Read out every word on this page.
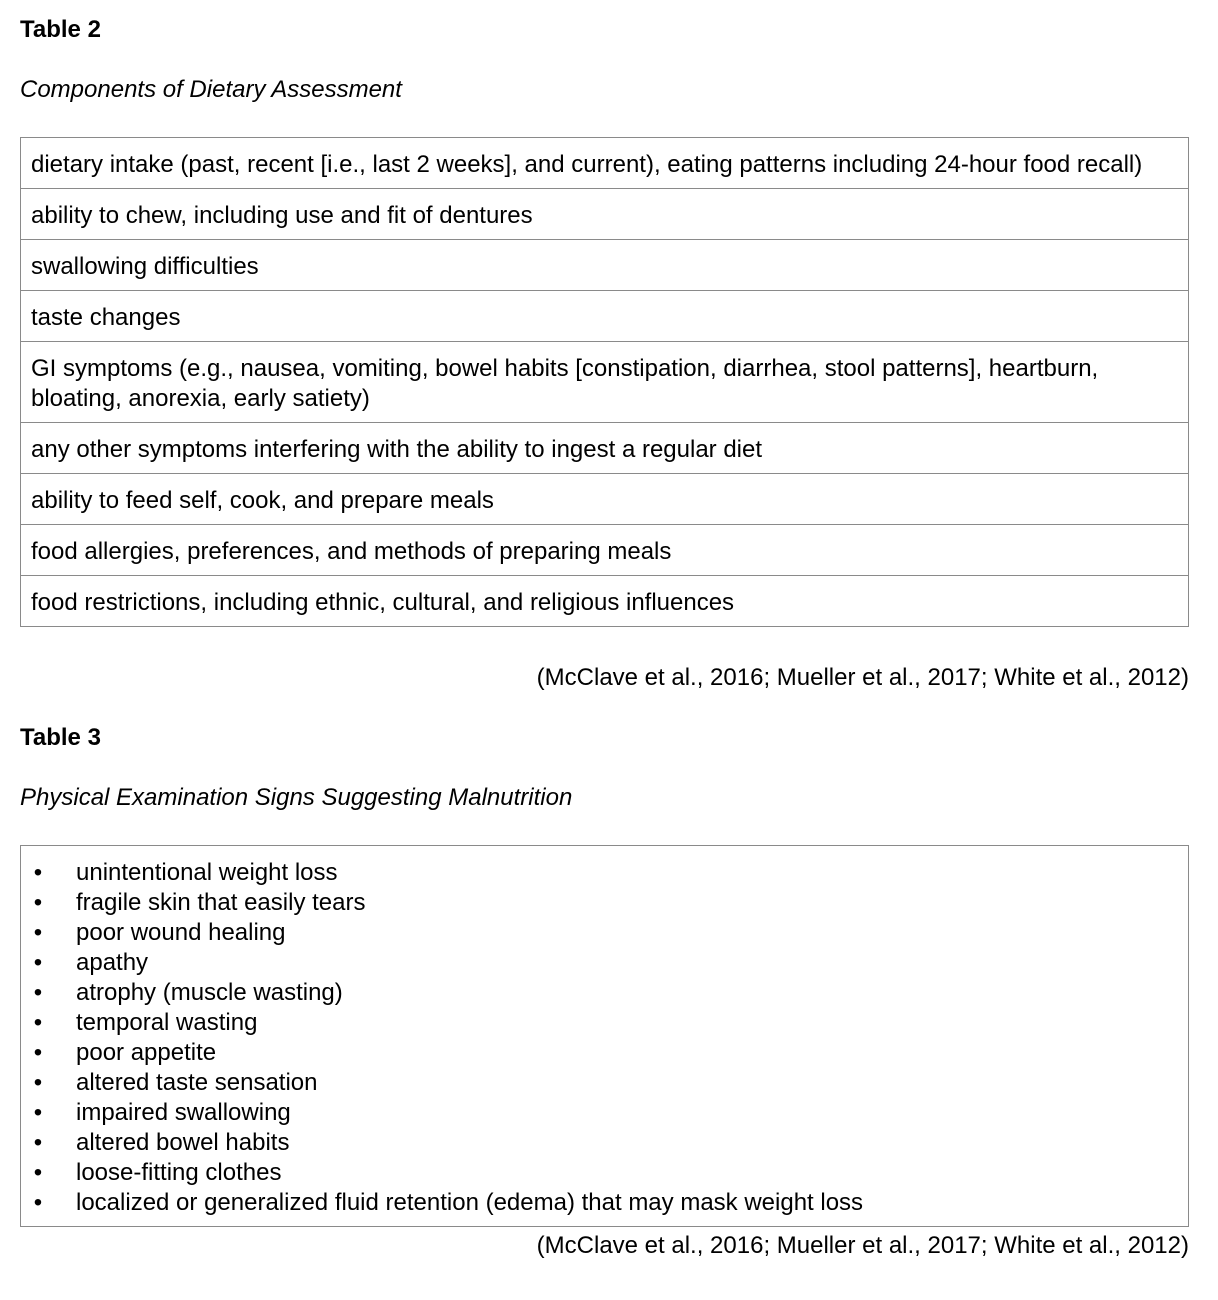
Table 2

Components of Dietary Assessment

dietary intake (past, recent [i.e., last 2 weeks], and current), eating patterns including 24-hour food recall)
ability to chew, including use and fit of dentures
swallowing difficulties
taste changes
GI symptoms (e.g., nausea, vomiting, bowel habits [constipation, diarrhea, stool patterns], heartburn, bloating, anorexia, early satiety)
any other symptoms interfering with the ability to ingest a regular diet
ability to feed self, cook, and prepare meals
food allergies, preferences, and methods of preparing meals
food restrictions, including ethnic, cultural, and religious influences

(McClave et al., 2016; Mueller et al., 2017; White et al., 2012)

Table 3

Physical Examination Signs Suggesting Malnutrition

• unintentional weight loss
• fragile skin that easily tears
• poor wound healing
• apathy
• atrophy (muscle wasting)
• temporal wasting
• poor appetite
• altered taste sensation
• impaired swallowing
• altered bowel habits
• loose-fitting clothes
• localized or generalized fluid retention (edema) that may mask weight loss

(McClave et al., 2016; Mueller et al., 2017; White et al., 2012)
